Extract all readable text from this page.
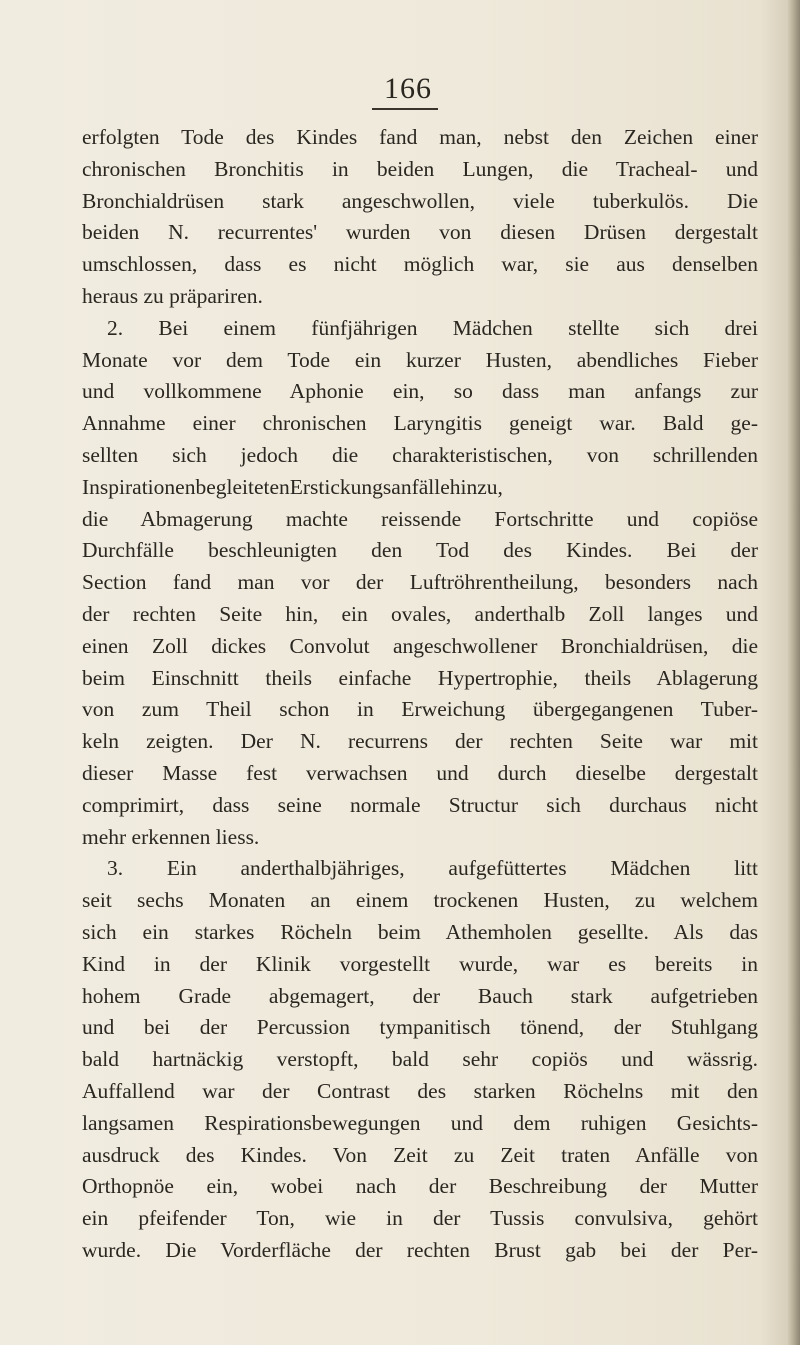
166
erfolgten Tode des Kindes fand man, nebst den Zeichen einer
chronischen Bronchitis in beiden Lungen, die Tracheal- und
Bronchialdrüsen stark angeschwollen, viele tuberkulös. Die
beiden N. recurrentes' wurden von diesen Drüsen dergestalt
umschlossen, dass es nicht möglich war, sie aus denselben
heraus zu präpariren.
2. Bei einem fünfjährigen Mädchen stellte sich drei
Monate vor dem Tode ein kurzer Husten, abendliches Fieber
und vollkommene Aphonie ein, so dass man anfangs zur
Annahme einer chronischen Laryngitis geneigt war. Bald ge-
sellten sich jedoch die charakteristischen, von schrillenden
InspirationenbegleitetenErstickungsanfällehinzu,
die Abmagerung machte reissende Fortschritte und copiöse
Durchfälle beschleunigten den Tod des Kindes. Bei der
Section fand man vor der Luftröhrentheilung, besonders nach
der rechten Seite hin, ein ovales, anderthalb Zoll langes und
einen Zoll dickes Convolut angeschwollener Bronchialdrüsen, die
beim Einschnitt theils einfache Hypertrophie, theils Ablagerung
von zum Theil schon in Erweichung übergegangenen Tuber-
keln zeigten. Der N. recurrens der rechten Seite war mit
dieser Masse fest verwachsen und durch dieselbe dergestalt
comprimirt, dass seine normale Structur sich durchaus nicht
mehr erkennen liess.
3. Ein anderthalbjähriges, aufgefüttertes Mädchen litt
seit sechs Monaten an einem trockenen Husten, zu welchem
sich ein starkes Röcheln beim Athemholen gesellte. Als das
Kind in der Klinik vorgestellt wurde, war es bereits in
hohem Grade abgemagert, der Bauch stark aufgetrieben
und bei der Percussion tympanitisch tönend, der Stuhlgang
bald hartnäckig verstopft, bald sehr copiös und wässrig.
Auffallend war der Contrast des starken Röchelns mit den
langsamen Respirationsbewegungen und dem ruhigen Gesichts-
ausdruck des Kindes. Von Zeit zu Zeit traten Anfälle von
Orthopnöe ein, wobei nach der Beschreibung der Mutter
ein pfeifender Ton, wie in der Tussis convulsiva, gehört
wurde. Die Vorderfläche der rechten Brust gab bei der Per-
